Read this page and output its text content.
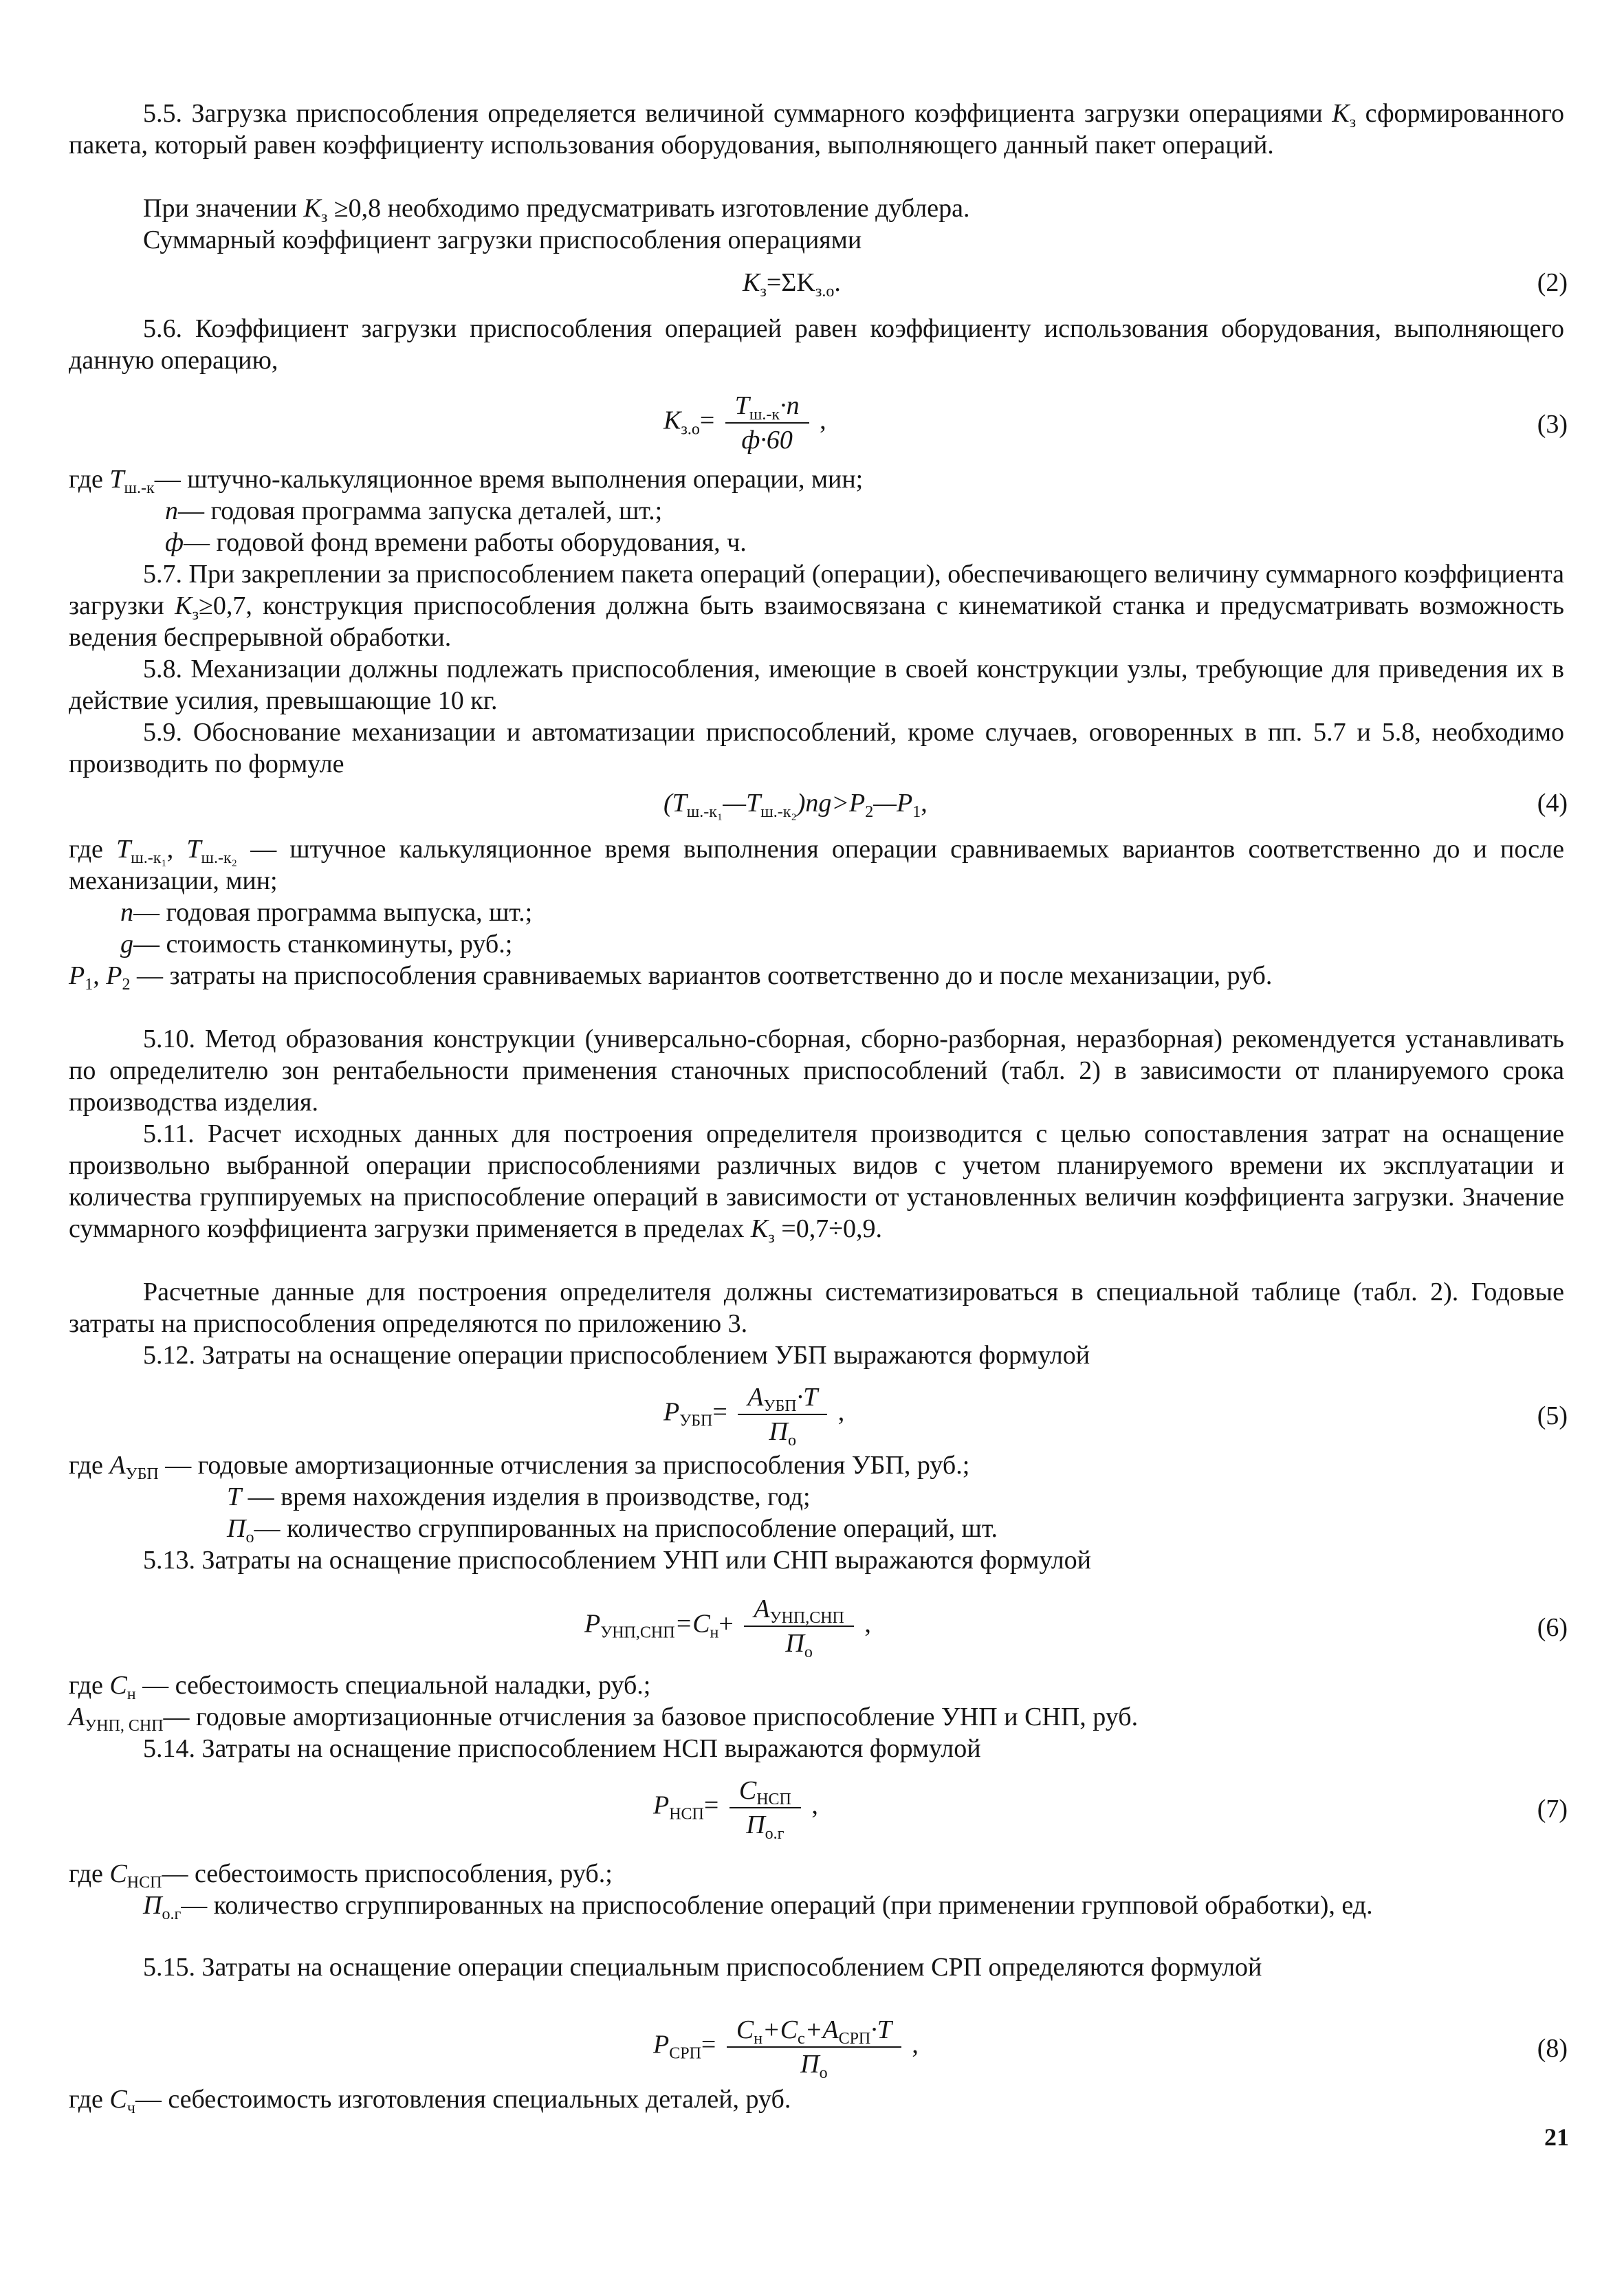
5.5. Загрузка приспособления определяется величиной суммарного коэффициента загрузки операциями $K_з$ сформированного пакета, который равен коэффициенту использования оборудования, выполняющего данный пакет операций.

При значении $K_з \ge 0,8$ необходимо предусматривать изготовление дублера.

Суммарный коэффициент загрузки приспособления операциями

$K_з=\Sigma K_{з.о}$.	(2)

5.6. Коэффициент загрузки приспособления операцией равен коэффициенту использования оборудования, выполняющего данную операцию,

$K_{з.о}= \frac{T_{ш.-к}\cdot n}{ф\cdot 60}$ ,	(3)

где $T_{ш.-к}—$ штучно-калькуляционное время выполнения операции, мин;

n— годовая программа запуска деталей, шт.;

ф— годовой фонд времени работы оборудования, ч.

5.7. При закреплении за приспособлением пакета операций (операции), обеспечивающего величину суммарного коэффициента загрузки $K_з\ge 0,7$, конструкция приспособления должна быть взаимосвязана с кинематикой станка и предусматривать возможность ведения беспрерывной обработки.

5.8. Механизации должны подлежать приспособления, имеющие в своей конструкции узлы, требующие для приведения их в действие усилия, превышающие 10 кг.

5.9. Обоснование механизации и автоматизации приспособлений, кроме случаев, оговоренных в пп. 5.7 и 5.8, необходимо производить по формуле

$(T_{ш.-к_1}—T_{ш.-к_2})ng>P_2—P_1$,	(4)

где $T_{ш.-к_1}$, $T_{ш.-к_2}$ — штучное калькуляционное время выполнения операции сравниваемых вариантов соответственно до и после механизации, мин;

n— годовая программа выпуска, шт.;

g— стоимость станкоминуты, руб.;

$P_1$, $P_2$ — затраты на приспособления сравниваемых вариантов соответственно до и после механизации, руб.

5.10. Метод образования конструкции (универсально-сборная, сборно-разборная, неразборная) рекомендуется устанавливать по определителю зон рентабельности применения станочных приспособлений (табл. 2) в зависимости от планируемого срока производства изделия.

5.11. Расчет исходных данных для построения определителя производится с целью сопоставления затрат на оснащение произвольно выбранной операции приспособлениями различных видов с учетом планируемого времени их эксплуатации и количества группируемых на приспособление операций в зависимости от установленных величин коэффициента загрузки. Значение суммарного коэффициента загрузки применяется в пределах $K_з =0,7\div 0,9$.

Расчетные данные для построения определителя должны систематизироваться в специальной таблице (табл. 2). Годовые затраты на приспособления определяются по приложению 3.

5.12. Затраты на оснащение операции приспособлением УБП выражаются формулой

$P_{УБП}= \frac{A_{УБП}\cdot T}{П_о}$ ,	(5)

где $A_{УБП}$ — годовые амортизационные отчисления за приспособления УБП, руб.;

T — время нахождения изделия в производстве, год;

$П_о—$ количество сгруппированных на приспособление операций, шт.

5.13. Затраты на оснащение приспособлением УНП или СНП выражаются формулой

$P_{УНП,СНП}=C_н+ \frac{A_{УНП,СНП}}{П_о}$ ,	(6)

где $C_н$ — себестоимость специальной наладки, руб.;

$A_{УНП, СНП}—$ годовые амортизационные отчисления за базовое приспособление УНП и СНП, руб.

5.14. Затраты на оснащение приспособлением НСП выражаются формулой

$P_{НСП}= \frac{C_{НСП}}{П_{о.г}}$ ,	(7)

где $C_{НСП}—$ себестоимость приспособления, руб.;

$П_{о.г}—$ количество сгруппированных на приспособление операций (при применении групповой обработки), ед.

5.15. Затраты на оснащение операции специальным приспособлением СРП определяются формулой

$P_{СРП}= \frac{C_н+C_с+A_{СРП}\cdot T}{П_о}$ ,	(8)

где $C_ч—$ себестоимость изготовления специальных деталей, руб.

21
